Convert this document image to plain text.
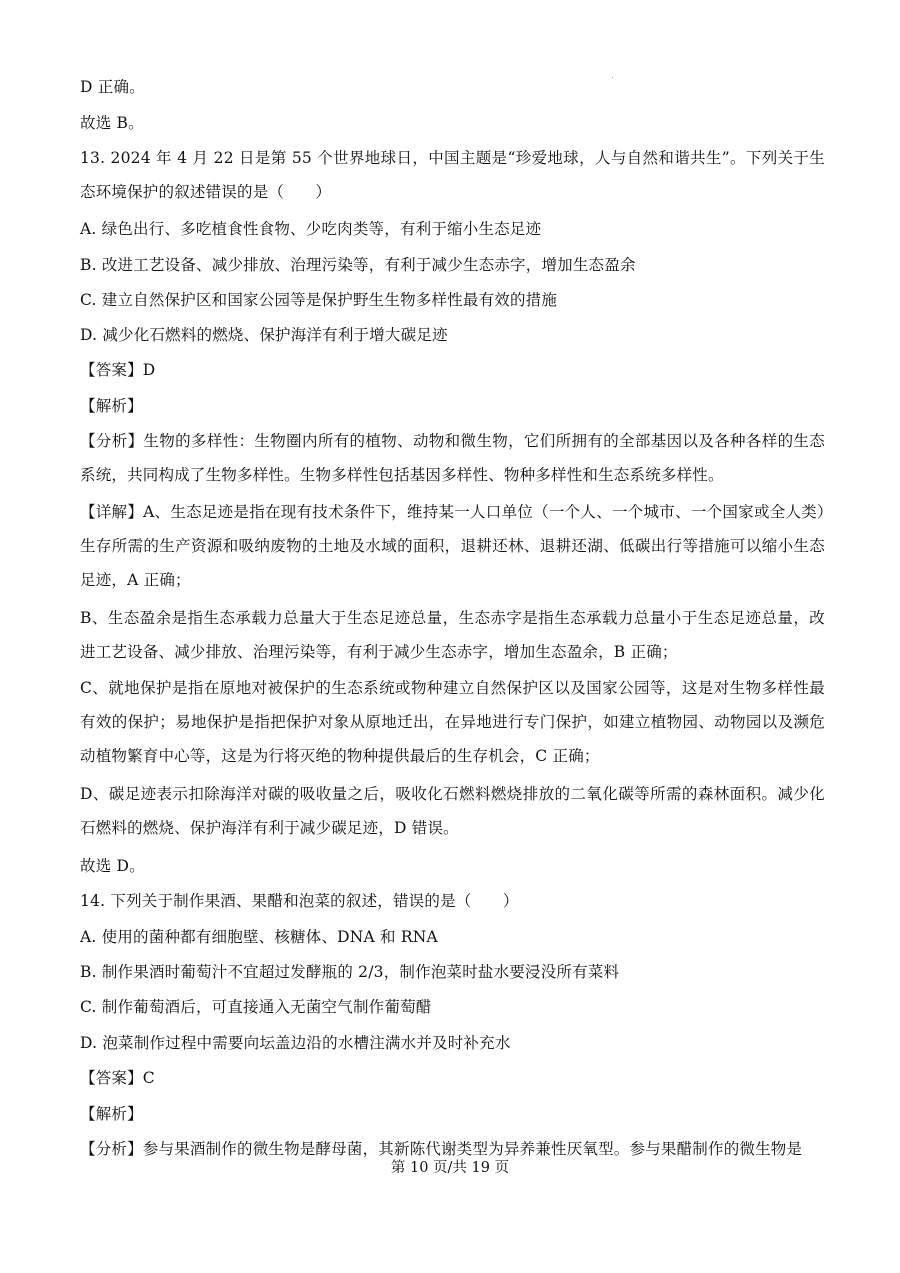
D 正确。
故选 B。
13. 2024 年 4 月 22 日是第 55 个世界地球日，中国主题是“珍爱地球，人与自然和谐共生”。下列关于生态环境保护的叙述错误的是（　　）
A. 绿色出行、多吃植食性食物、少吃肉类等，有利于缩小生态足迹
B. 改进工艺设备、减少排放、治理污染等，有利于减少生态赤字，增加生态盈余
C. 建立自然保护区和国家公园等是保护野生生物多样性最有效的措施
D. 减少化石燃料的燃烧、保护海洋有利于增大碳足迹
【答案】D
【解析】
【分析】生物的多样性：生物圈内所有的植物、动物和微生物，它们所拥有的全部基因以及各种各样的生态系统，共同构成了生物多样性。生物多样性包括基因多样性、物种多样性和生态系统多样性。
【详解】A、生态足迹是指在现有技术条件下，维持某一人口单位（一个人、一个城市、一个国家或全人类）生存所需的生产资源和吸纳废物的土地及水域的面积，退耕还林、退耕还湖、低碳出行等措施可以缩小生态足迹，A 正确；
B、生态盈余是指生态承载力总量大于生态足迹总量，生态赤字是指生态承载力总量小于生态足迹总量，改进工艺设备、减少排放、治理污染等，有利于减少生态赤字，增加生态盈余，B 正确；
C、就地保护是指在原地对被保护的生态系统或物种建立自然保护区以及国家公园等，这是对生物多样性最有效的保护；易地保护是指把保护对象从原地迁出，在异地进行专门保护，如建立植物园、动物园以及濒危动植物繁育中心等，这是为行将灭绝的物种提供最后的生存机会，C 正确；
D、碳足迹表示扣除海洋对碳的吸收量之后，吸收化石燃料燃烧排放的二氧化碳等所需的森林面积。减少化石燃料的燃烧、保护海洋有利于减少碳足迹，D 错误。
故选 D。
14. 下列关于制作果酒、果醋和泡菜的叙述，错误的是（　　）
A. 使用的菌种都有细胞壁、核糖体、DNA 和 RNA
B. 制作果酒时葡萄汁不宜超过发酵瓶的 2/3，制作泡菜时盐水要浸没所有菜料
C. 制作葡萄酒后，可直接通入无菌空气制作葡萄醋
D. 泡菜制作过程中需要向坛盖边沿的水槽注满水并及时补充水
【答案】C
【解析】
【分析】参与果酒制作的微生物是酵母菌，其新陈代谢类型为异养兼性厌氧型。参与果醋制作的微生物是
第 10 页/共 19 页
